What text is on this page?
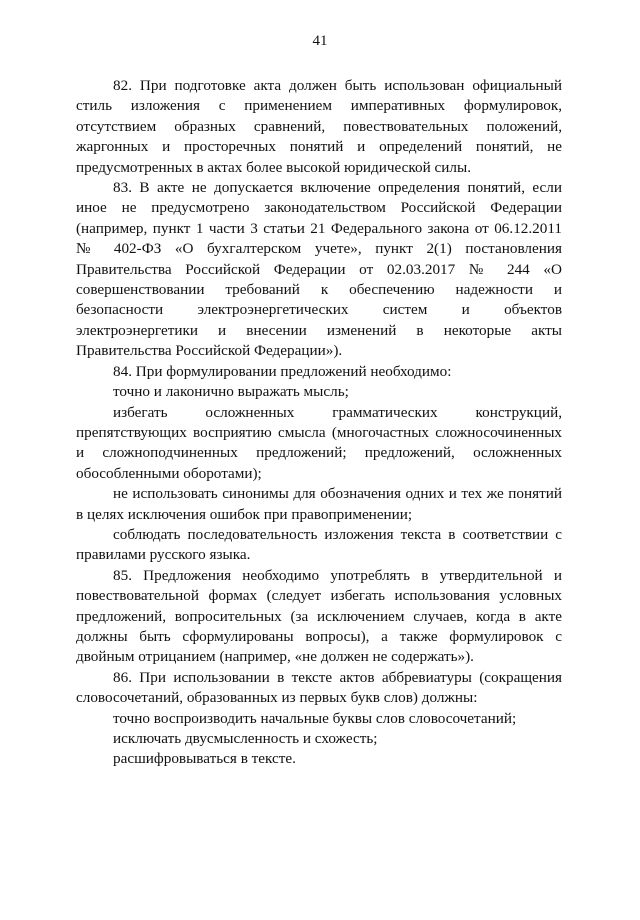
41

82. При подготовке акта должен быть использован официальный стиль изложения с применением императивных формулировок, отсутствием образных сравнений, повествовательных положений, жаргонных и просторечных понятий и определений понятий, не предусмотренных в актах более высокой юридической силы.

83. В акте не допускается включение определения понятий, если иное не предусмотрено законодательством Российской Федерации (например, пункт 1 части 3 статьи 21 Федерального закона от 06.12.2011 № 402-ФЗ «О бухгалтерском учете», пункт 2(1) постановления Правительства Российской Федерации от 02.03.2017 № 244 «О совершенствовании требований к обеспечению надежности и безопасности электроэнергетических систем и объектов электроэнергетики и внесении изменений в некоторые акты Правительства Российской Федерации»).

84. При формулировании предложений необходимо:

точно и лаконично выражать мысль;

избегать осложненных грамматических конструкций, препятствующих восприятию смысла (многочастных сложносочиненных и сложноподчиненных предложений; предложений, осложненных обособленными оборотами);

не использовать синонимы для обозначения одних и тех же понятий в целях исключения ошибок при правоприменении;

соблюдать последовательность изложения текста в соответствии с правилами русского языка.

85. Предложения необходимо употреблять в утвердительной и повествовательной формах (следует избегать использования условных предложений, вопросительных (за исключением случаев, когда в акте должны быть сформулированы вопросы), а также формулировок с двойным отрицанием (например, «не должен не содержать»).

86. При использовании в тексте актов аббревиатуры (сокращения словосочетаний, образованных из первых букв слов) должны:

точно воспроизводить начальные буквы слов словосочетаний;

исключать двусмысленность и схожесть;

расшифровываться в тексте.
